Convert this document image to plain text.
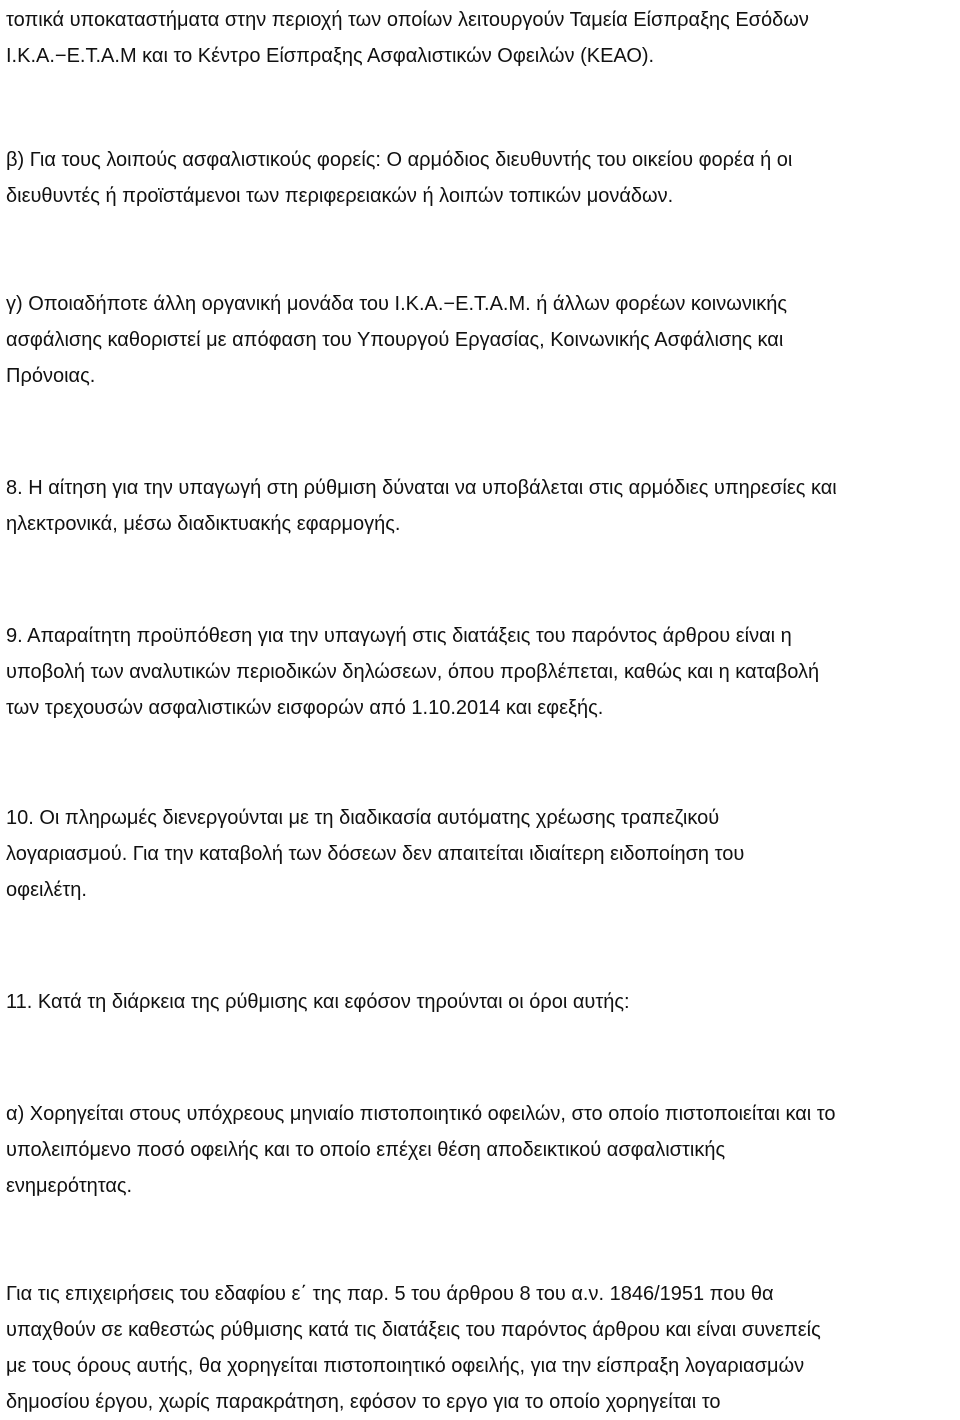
τοπικά υποκαταστήματα στην περιοχή των οποίων λειτουργούν Ταμεία Είσπραξης Εσόδων
Ι.Κ.Α.−Ε.Τ.Α.Μ και το Κέντρο Είσπραξης Ασφαλιστικών Οφειλών (ΚΕΑΟ).

β) Για τους λοιπούς ασφαλιστικούς φορείς: Ο αρμόδιος διευθυντής του οικείου φορέα ή οι
διευθυντές ή προϊστάμενοι των περιφερειακών ή λοιπών τοπικών μονάδων.

γ) Οποιαδήποτε άλλη οργανική μονάδα του Ι.Κ.Α.−Ε.Τ.Α.Μ. ή άλλων φορέων κοινωνικής
ασφάλισης καθοριστεί με απόφαση του Υπουργού Εργασίας, Κοινωνικής Ασφάλισης και
Πρόνοιας.

8. Η αίτηση για την υπαγωγή στη ρύθμιση δύναται να υποβάλεται στις αρμόδιες υπηρεσίες και
ηλεκτρονικά, μέσω διαδικτυακής εφαρμογής.

9. Απαραίτητη προϋπόθεση για την υπαγωγή στις διατάξεις του παρόντος άρθρου είναι η
υποβολή των αναλυτικών περιοδικών δηλώσεων, όπου προβλέπεται, καθώς και η καταβολή
των τρεχουσών ασφαλιστικών εισφορών από 1.10.2014 και εφεξής.

10. Οι πληρωμές διενεργούνται με τη διαδικασία αυτόματης χρέωσης τραπεζικού
λογαριασμού. Για την καταβολή των δόσεων δεν απαιτείται ιδιαίτερη ειδοποίηση του
οφειλέτη.

11. Κατά τη διάρκεια της ρύθμισης και εφόσον τηρούνται οι όροι αυτής:

α) Χορηγείται στους υπόχρεους μηνιαίο πιστοποιητικό οφειλών, στο οποίο πιστοποιείται και το
υπολειπόμενο ποσό οφειλής και το οποίο επέχει θέση αποδεικτικού ασφαλιστικής
ενημερότητας.

Για τις επιχειρήσεις του εδαφίου ε΄ της παρ. 5 του άρθρου 8 του α.ν. 1846/1951 που θα
υπαχθούν σε καθεστώς ρύθμισης κατά τις διατάξεις του παρόντος άρθρου και είναι συνεπείς
με τους όρους αυτής, θα χορηγείται πιστοποιητικό οφειλής, για την είσπραξη λογαριασμών
δημοσίου έργου, χωρίς παρακράτηση, εφόσον το εργο για το οποίο χορηγείται το
